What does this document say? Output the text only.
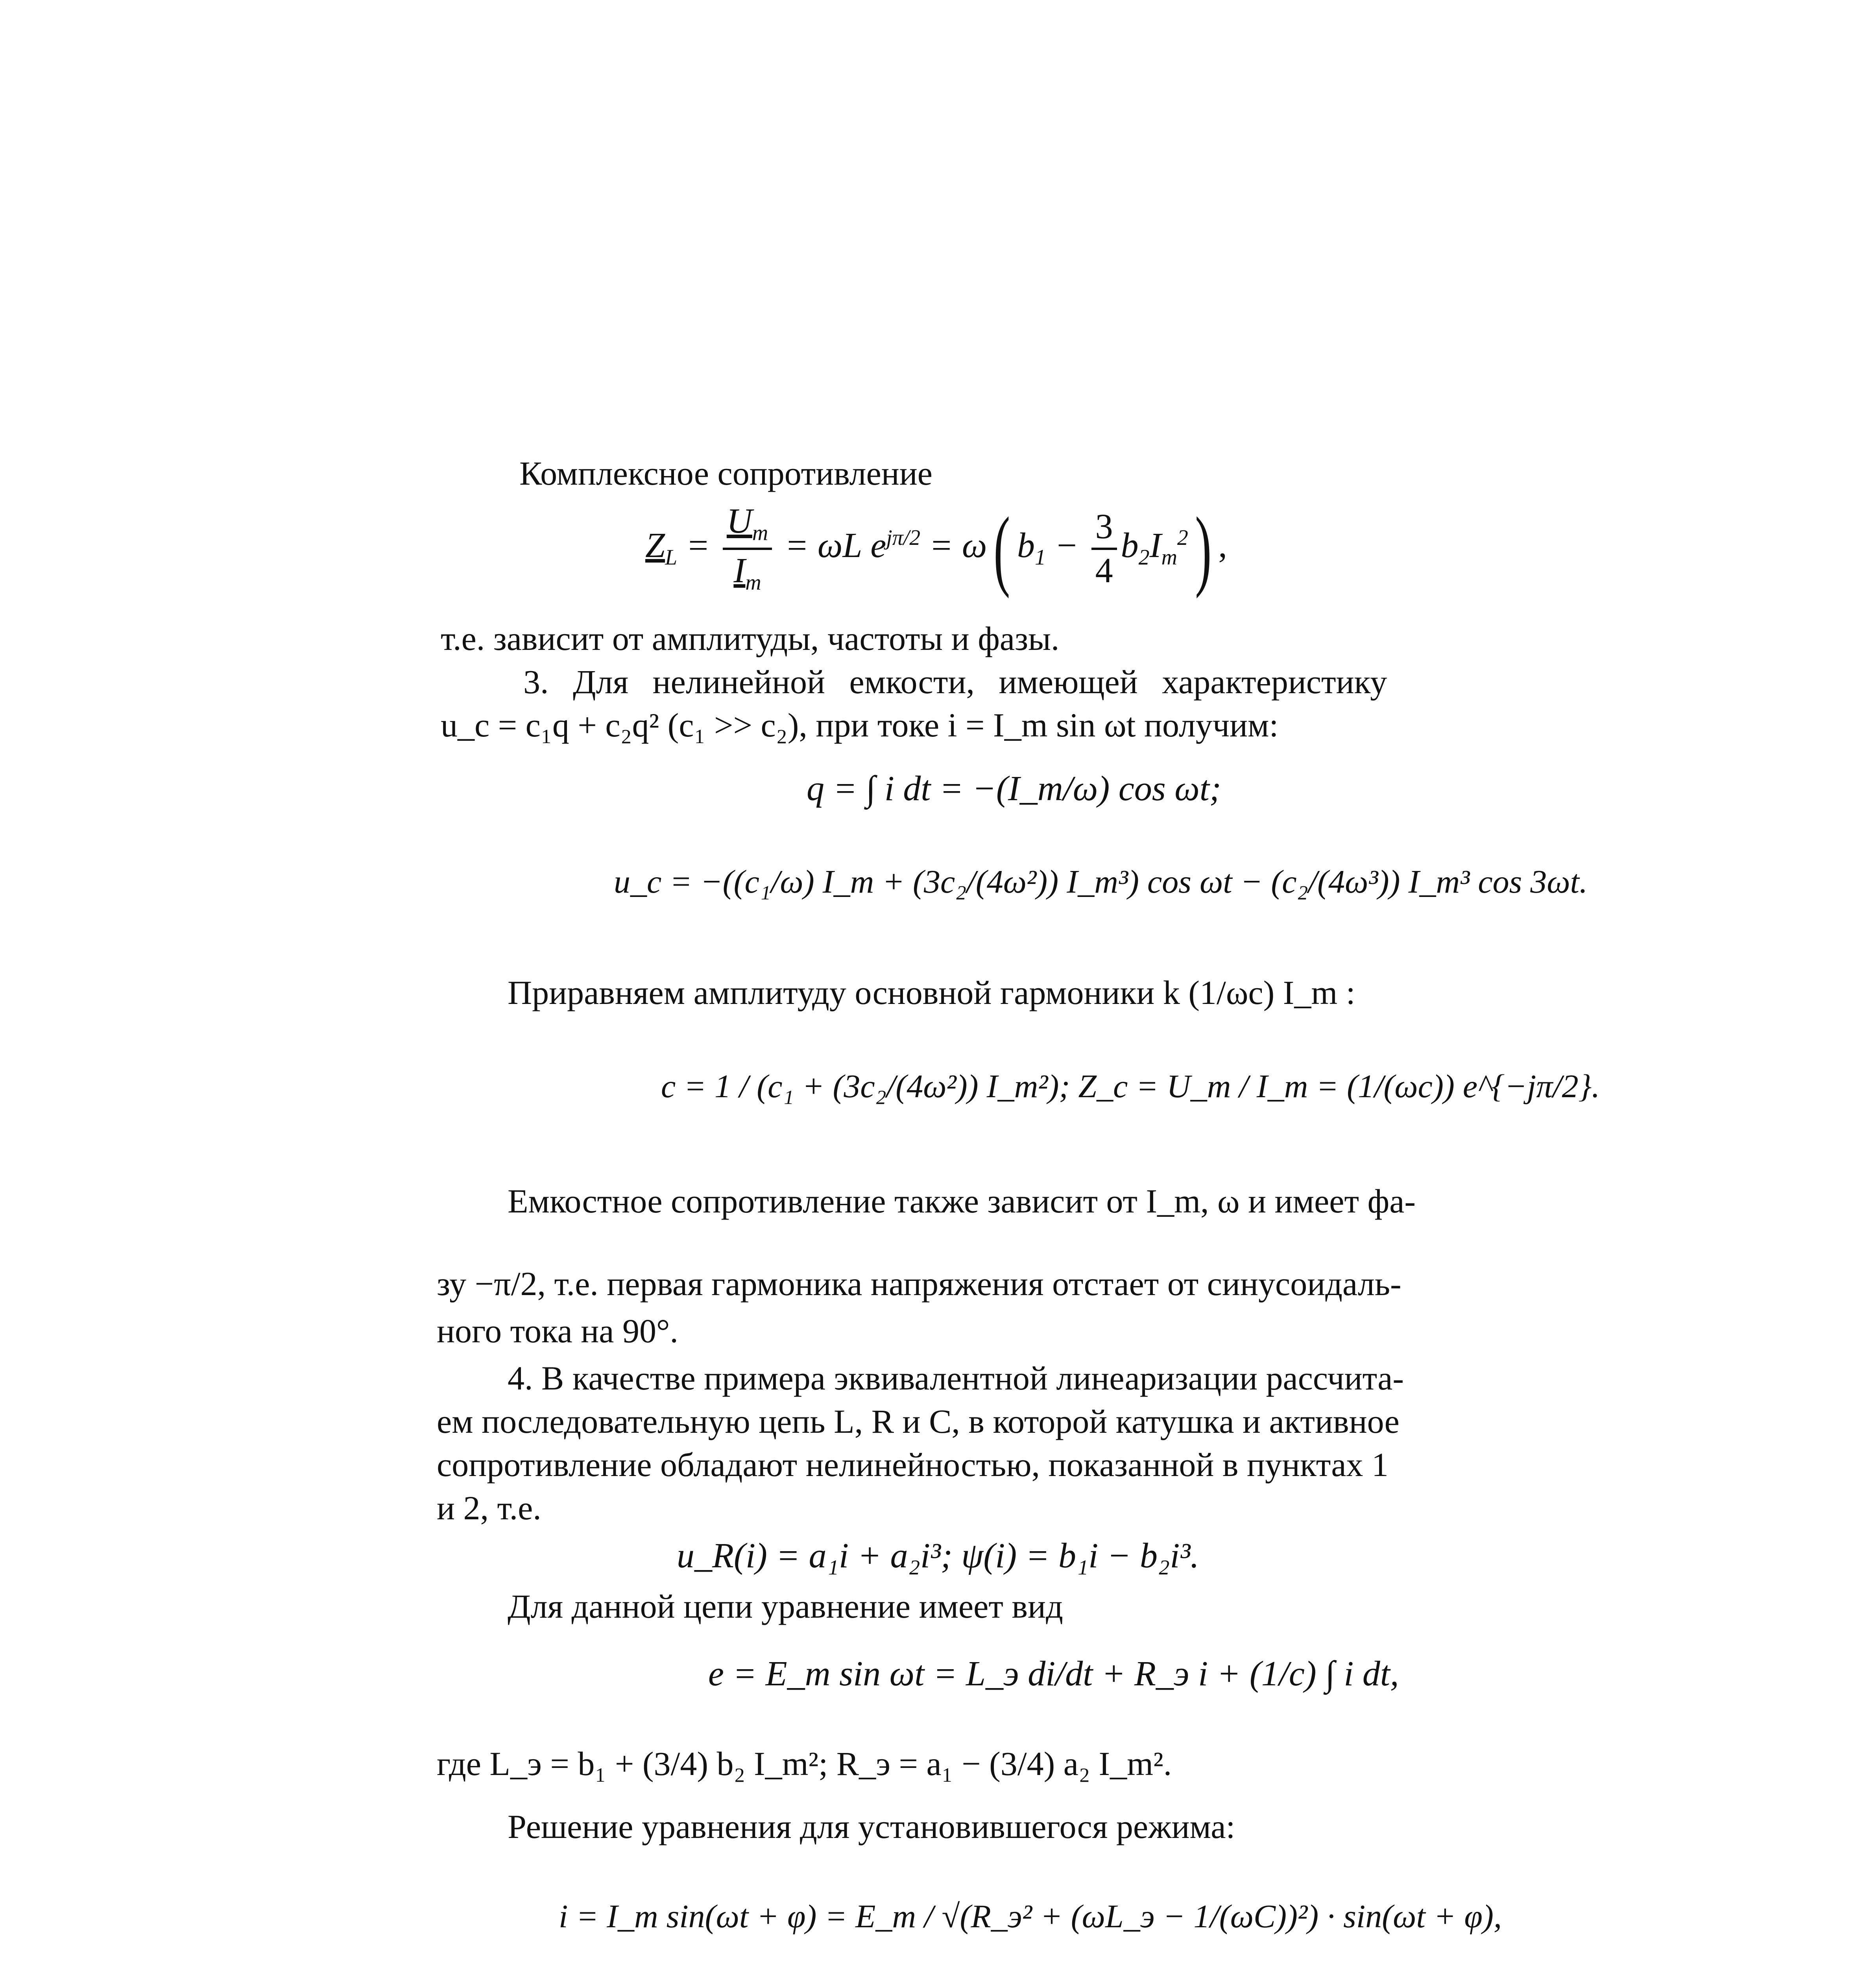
Комплексное сопротивление
$Z_L = \frac{U_m}{I_m} = \omega L$ $e^{j\pi/2} = \omega$( $b_1 - \frac{3}{4} b_2I_m^2$) ,
т.е. зависит от амплитуды, частоты и фазы.
3. Для нелинейной емкости, имеющей характеристику
u_c = c₁q + c₂q² (c₁ >> c₂), при токе i = I_m sin ωt получим:
q = ∫ i dt = −(I_m/ω) cos ωt;
u_c = −((c₁/ω) I_m + (3c₂/(4ω²)) I_m³) cos ωt − (c₂/(4ω³)) I_m³ cos 3ωt.
Приравняем амплитуду основной гармоники k (1/ωc) I_m :
c = 1 / (c₁ + (3c₂/(4ω²)) I_m²); Z_c = U_m / I_m = (1/(ωc)) e^{−jπ/2}.
Емкостное сопротивление также зависит от I_m, ω и имеет фа-
зу −π/2, т.е. первая гармоника напряжения отстает от синусоидаль-
ного тока на 90°.
4. В качестве примера эквивалентной линеаризации рассчита-
ем последовательную цепь L, R и C, в которой катушка и активное
сопротивление обладают нелинейностью, показанной в пунктах 1
и 2, т.е.
u_R(i) = a₁i + a₂i³; ψ(i) = b₁i − b₂i³.
Для данной цепи уравнение имеет вид
e = E_m sin ωt = L_э di/dt + R_э i + (1/c) ∫ i dt,
где L_э = b₁ + (3/4) b₂ I_m²; R_э = a₁ − (3/4) a₂ I_m².
Решение уравнения для установившегося режима:
i = I_m sin(ωt + φ) = E_m / √(R_э² + (ωL_э − 1/(ωC))²) · sin(ωt + φ),
